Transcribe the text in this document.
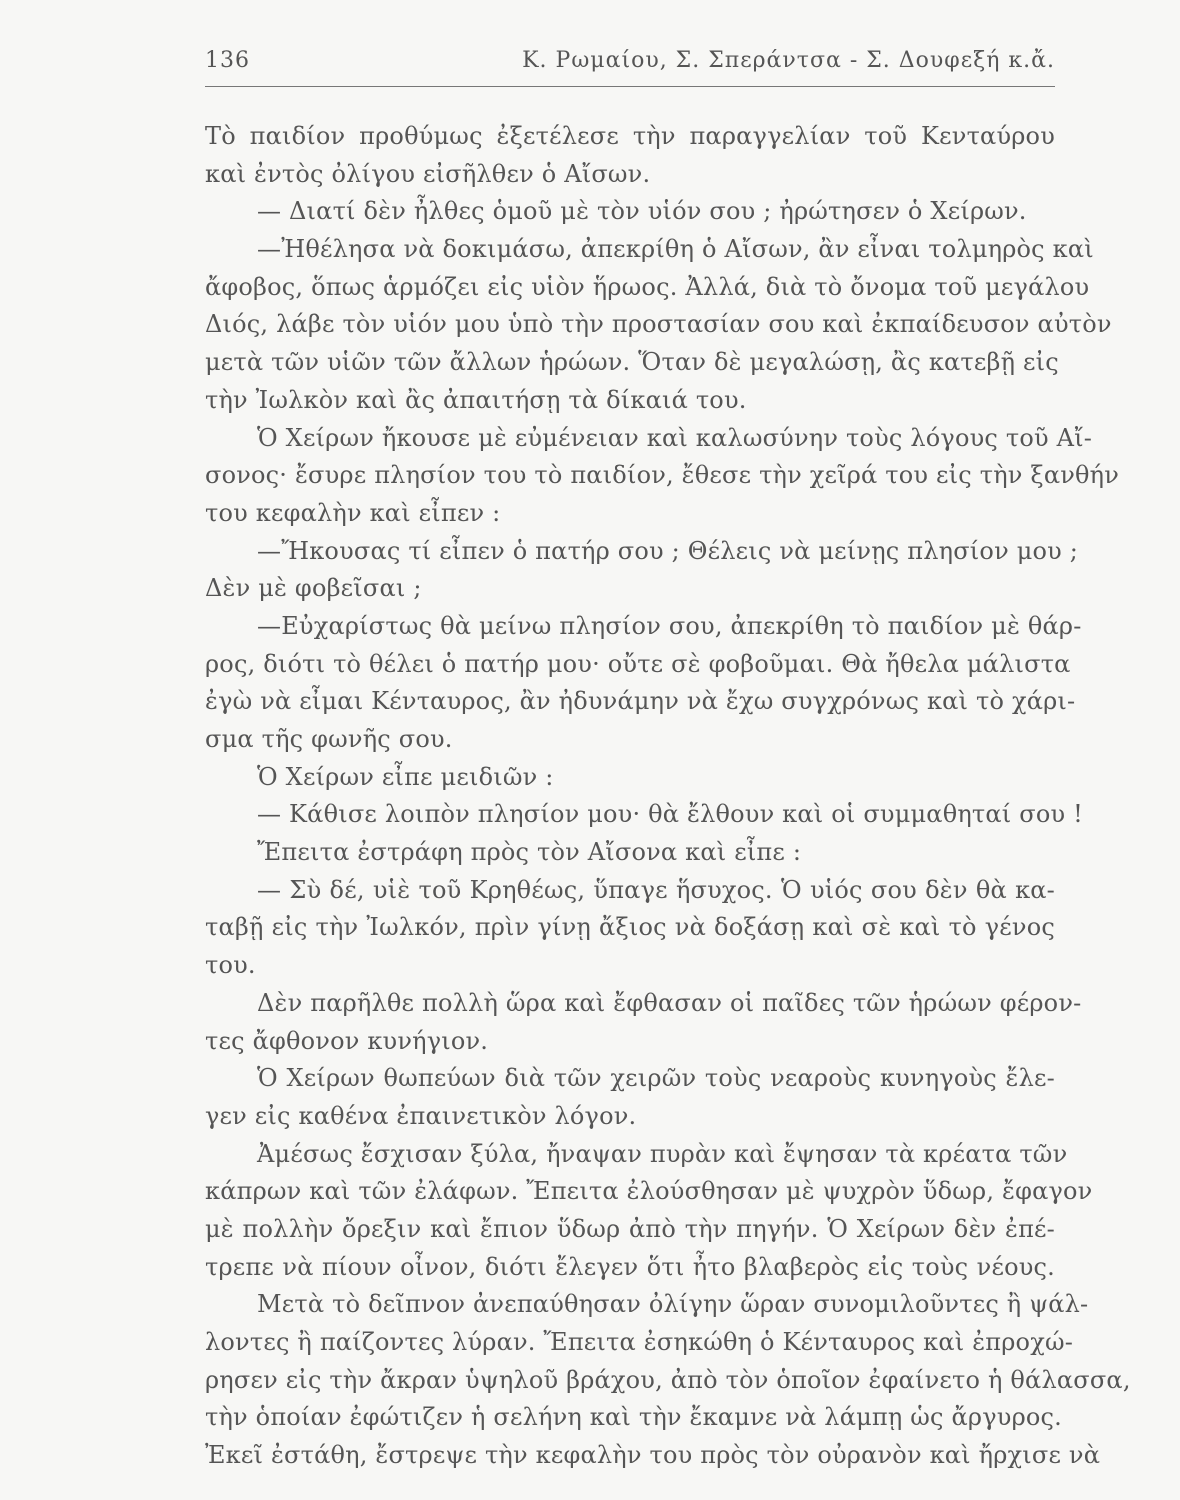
136	Κ. Ρωμαίου, Σ. Σπεράντσα - Σ. Δουφεξή κ.ἄ.
Τὸ παιδίον προθύμως ἐξετέλεσε τὴν παραγγελίαν τοῦ Κενταύρου
καὶ ἐντὸς ὀλίγου εἰσῆλθεν ὁ Αἴσων.
— Διατί δὲν ἦλθες ὁμοῦ μὲ τὸν υἱόν σου ; ἠρώτησεν ὁ Χείρων.
—Ἠθέλησα νὰ δοκιμάσω, ἀπεκρίθη ὁ Αἴσων, ἂν εἶναι τολμηρὸς καὶ
ἄφοβος, ὅπως ἁρμόζει εἰς υἱὸν ἥρωος. Ἀλλά, διὰ τὸ ὄνομα τοῦ μεγάλου
Διός, λάβε τὸν υἱόν μου ὑπὸ τὴν προστασίαν σου καὶ ἐκπαίδευσον αὐτὸν
μετὰ τῶν υἱῶν τῶν ἄλλων ἡρώων. Ὅταν δὲ μεγαλώσῃ, ἂς κατεβῇ εἰς
τὴν Ἰωλκὸν καὶ ἂς ἀπαιτήσῃ τὰ δίκαιά του.
Ὁ Χείρων ἤκουσε μὲ εὐμένειαν καὶ καλωσύνην τοὺς λόγους τοῦ Αἴ-
σονος· ἔσυρε πλησίον του τὸ παιδίον, ἔθεσε τὴν χεῖρά του εἰς τὴν ξανθήν
του κεφαλὴν καὶ εἶπεν :
—Ἤκουσας τί εἶπεν ὁ πατήρ σου ; Θέλεις νὰ μείνῃς πλησίον μου ;
Δὲν μὲ φοβεῖσαι ;
—Εὐχαρίστως θὰ μείνω πλησίον σου, ἀπεκρίθη τὸ παιδίον μὲ θάρ-
ρος, διότι τὸ θέλει ὁ πατήρ μου· οὔτε σὲ φοβοῦμαι. Θὰ ἤθελα μάλιστα
ἐγὼ νὰ εἶμαι Κένταυρος, ἂν ἠδυνάμην νὰ ἔχω συγχρόνως καὶ τὸ χάρι-
σμα τῆς φωνῆς σου.
Ὁ Χείρων εἶπε μειδιῶν :
— Κάθισε λοιπὸν πλησίον μου· θὰ ἔλθουν καὶ οἱ συμμαθηταί σου !
Ἔπειτα ἐστράφη πρὸς τὸν Αἴσονα καὶ εἶπε :
— Σὺ δέ, υἱὲ τοῦ Κρηθέως, ὕπαγε ἥσυχος. Ὁ υἱός σου δὲν θὰ κα-
ταβῇ εἰς τὴν Ἰωλκόν, πρὶν γίνῃ ἄξιος νὰ δοξάσῃ καὶ σὲ καὶ τὸ γένος
του.
Δὲν παρῆλθε πολλὴ ὥρα καὶ ἔφθασαν οἱ παῖδες τῶν ἡρώων φέρον-
τες ἄφθονον κυνήγιον.
Ὁ Χείρων θωπεύων διὰ τῶν χειρῶν τοὺς νεαροὺς κυνηγοὺς ἔλε-
γεν εἰς καθένα ἐπαινετικὸν λόγον.
Ἀμέσως ἔσχισαν ξύλα, ἤναψαν πυρὰν καὶ ἔψησαν τὰ κρέατα τῶν
κάπρων καὶ τῶν ἐλάφων. Ἔπειτα ἐλούσθησαν μὲ ψυχρὸν ὕδωρ, ἔφαγον
μὲ πολλὴν ὄρεξιν καὶ ἔπιον ὕδωρ ἀπὸ τὴν πηγήν. Ὁ Χείρων δὲν ἐπέ-
τρεπε νὰ πίουν οἶνον, διότι ἔλεγεν ὅτι ἦτο βλαβερὸς εἰς τοὺς νέους.
Μετὰ τὸ δεῖπνον ἀνεπαύθησαν ὀλίγην ὥραν συνομιλοῦντες ἢ ψάλ-
λοντες ἢ παίζοντες λύραν. Ἔπειτα ἐσηκώθη ὁ Κένταυρος καὶ ἐπροχώ-
ρησεν εἰς τὴν ἄκραν ὑψηλοῦ βράχου, ἀπὸ τὸν ὁποῖον ἐφαίνετο ἡ θάλασσα,
τὴν ὁποίαν ἐφώτιζεν ἡ σελήνη καὶ τὴν ἔκαμνε νὰ λάμπῃ ὡς ἄργυρος.
Ἐκεῖ ἐστάθη, ἔστρεψε τὴν κεφαλὴν του πρὸς τὸν οὐρανὸν καὶ ἤρχισε νὰ
